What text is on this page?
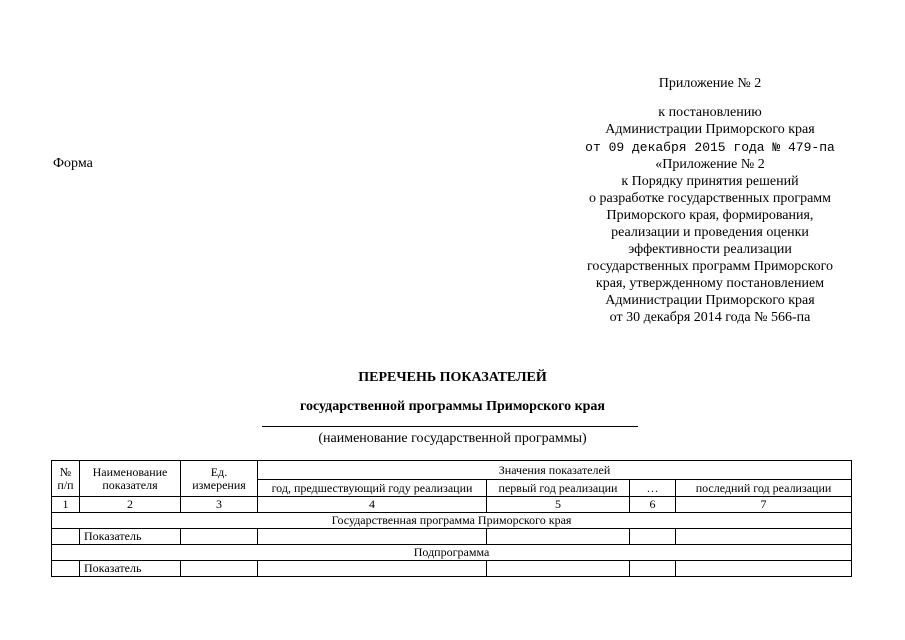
Приложение № 2
к постановлению
Администрации Приморского края
от 09 декабря 2015 года № 479-па
«Приложение № 2
к Порядку принятия решений
о разработке государственных программ
Приморского края, формирования,
реализации и проведения оценки
эффективности реализации
государственных программ Приморского
края, утвержденному постановлением
Администрации Приморского края
от 30 декабря 2014 года № 566-па
Форма
ПЕРЕЧЕНЬ ПОКАЗАТЕЛЕЙ
государственной программы Приморского края
(наименование государственной программы)
№ п/п	Наименование показателя	Ед. измерения	Значения показателей			
			год, предшествующий году реализации	первый год реализации	…	последний год реализации
1	2	3	4	5	6	7
Государственная программа Приморского края						
	Показатель					
Подпрограмма						
	Показатель					
